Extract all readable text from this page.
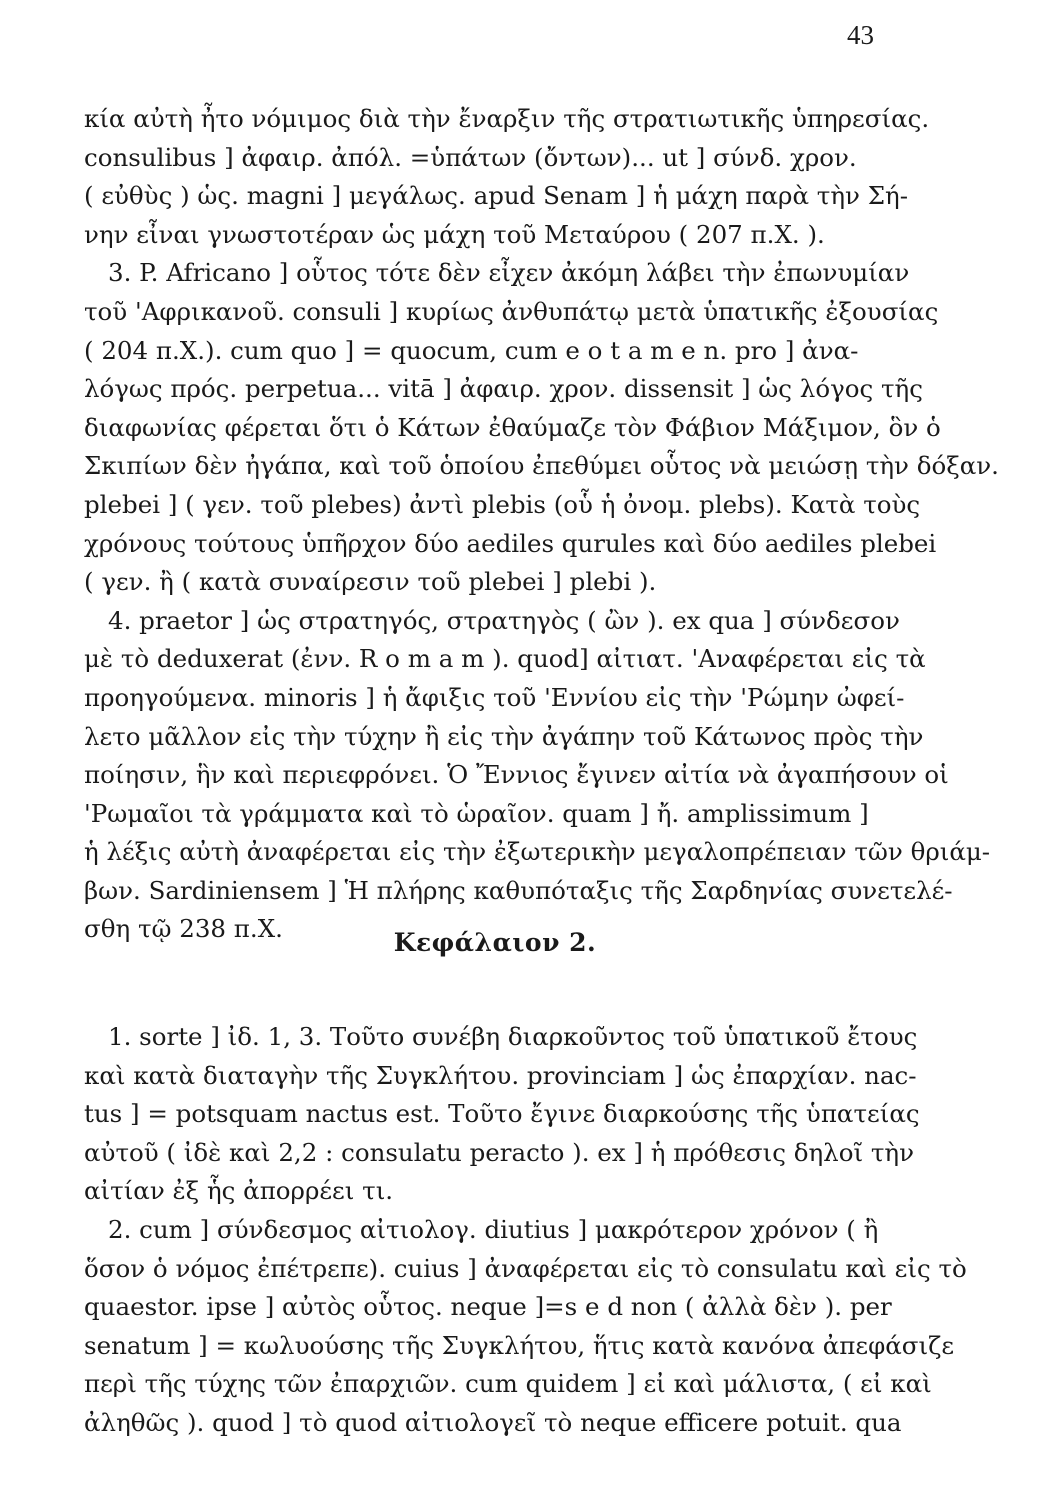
43
κία αὐτὴ ἦτο νόμιμος διὰ τὴν ἔναρξιν τῆς στρατιωτικῆς ὑπηρεσίας.
consulibus ] ἀφαιρ. ἀπόλ. =ὑπάτων (ὄντων)... ut ] σύνδ. χρον.
( εὐθὺς ) ὡς. magni ] μεγάλως. apud Senam ] ἡ μάχη παρὰ τὴν Σή-
νην εἶναι γνωστοτέραν ὡς μάχη τοῦ Μεταύρου ( 207 π.Χ. ).
3. P. Africano ] οὗτος τότε δὲν εἶχεν ἀκόμη λάβει τὴν ἐπωνυμίαν
τοῦ 'Αφρικανοῦ. consuli ] κυρίως ἀνθυπάτῳ μετὰ ὑπατικῆς ἐξουσίας
( 204 π.Χ.). cum quo ] = quocum, cum e o t a m e n. pro ] ἀνα-
λόγως πρός. perpetua... vitā ] ἀφαιρ. χρον. dissensit ] ὡς λόγος τῆς
διαφωνίας φέρεται ὅτι ὁ Κάτων ἐθαύμαζε τὸν Φάβιον Μάξιμον, ὃν ὁ
Σκιπίων δὲν ἠγάπα, καὶ τοῦ ὁποίου ἐπεθύμει οὗτος νὰ μειώσῃ τὴν δόξαν.
plebei ] ( γεν. τοῦ plebes) ἀντὶ plebis (οὗ ἡ ὀνομ. plebs). Κατὰ τοὺς
χρόνους τούτους ὑπῆρχον δύο aediles qurules καὶ δύο aediles plebei
( γεν. ἢ ( κατὰ συναίρεσιν τοῦ plebei ] plebi ).
4. praetor ] ὡς στρατηγός, στρατηγὸς ( ὢν ). ex qua ] σύνδεσον
μὲ τὸ deduxerat (ἐνν. R o m a m ). quod] αἰτιατ. 'Αναφέρεται εἰς τὰ
προηγούμενα. minoris ] ἡ ἄφιξις τοῦ 'Εννίου εἰς τὴν 'Ρώμην ὠφεί-
λετο μᾶλλον εἰς τὴν τύχην ἢ εἰς τὴν ἀγάπην τοῦ Κάτωνος πρὸς τὴν
ποίησιν, ἣν καὶ περιεφρόνει. Ὁ Ἔννιος ἔγινεν αἰτία νὰ ἀγαπήσουν οἱ
'Ρωμαῖοι τὰ γράμματα καὶ τὸ ὡραῖον. quam ] ἤ. amplissimum ]
ἡ λέξις αὐτὴ ἀναφέρεται εἰς τὴν ἐξωτερικὴν μεγαλοπρέπειαν τῶν θριάμ-
βων. Sardiniensem ] Ἡ πλήρης καθυπόταξις τῆς Σαρδηνίας συνετελέ-
σθη τῷ 238 π.Χ.	Κεφάλαιον 2.
1. sorte ] ἰδ. 1, 3. Τοῦτο συνέβη διαρκοῦντος τοῦ ὑπατικοῦ ἔτους
καὶ κατὰ διαταγὴν τῆς Συγκλήτου. provinciam ] ὡς ἐπαρχίαν. nac-
tus ] = potsquam nactus est. Τοῦτο ἔγινε διαρκούσης τῆς ὑπατείας
αὐτοῦ ( ἰδὲ καὶ 2,2 : consulatu peracto ). ex ] ἡ πρόθεσις δηλοῖ τὴν
αἰτίαν ἐξ ἧς ἀπορρέει τι.
2. cum ] σύνδεσμος αἰτιολογ. diutius ] μακρότερον χρόνον ( ἢ
ὅσον ὁ νόμος ἐπέτρεπε). cuius ] ἀναφέρεται εἰς τὸ consulatu καὶ εἰς τὸ
quaestor. ipse ] αὐτὸς οὗτος. neque ]=s e d non ( ἀλλὰ δὲν ). per
senatum ] = κωλυούσης τῆς Συγκλήτου, ἥτις κατὰ κανόνα ἀπεφάσιζε
περὶ τῆς τύχης τῶν ἐπαρχιῶν. cum quidem ] εἰ καὶ μάλιστα, ( εἰ καὶ
ἀληθῶς ). quod ] τὸ quod αἰτιολογεῖ τὸ neque efficere potuit. qua
